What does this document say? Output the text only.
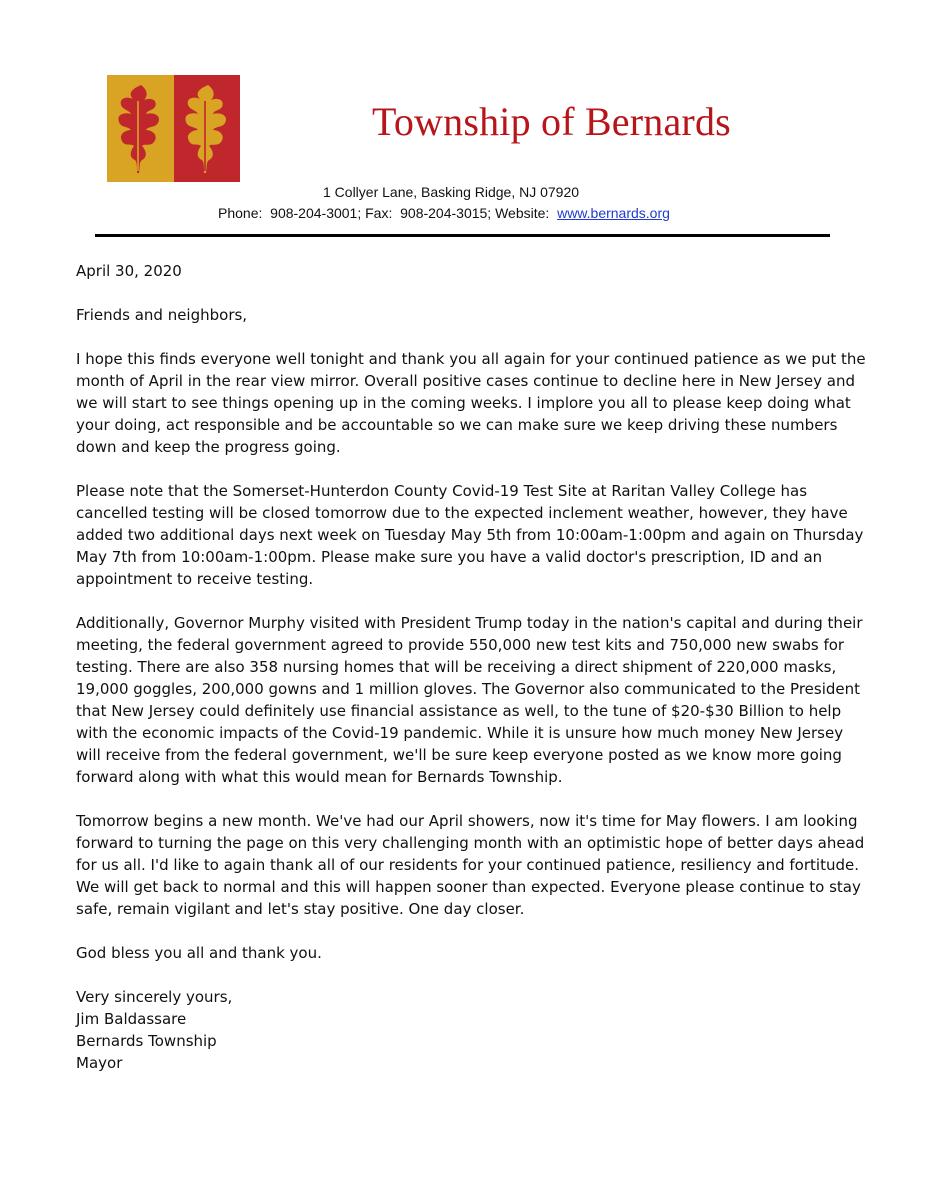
Township of Bernards
1 Collyer Lane, Basking Ridge, NJ 07920
Phone:  908-204-3001; Fax:  908-204-3015; Website:  www.bernards.org

April 30, 2020

Friends and neighbors,

I hope this finds everyone well tonight and thank you all again for your continued patience as we put the month of April in the rear view mirror. Overall positive cases continue to decline here in New Jersey and we will start to see things opening up in the coming weeks. I implore you all to please keep doing what your doing, act responsible and be accountable so we can make sure we keep driving these numbers down and keep the progress going.

Please note that the Somerset-Hunterdon County Covid-19 Test Site at Raritan Valley College has cancelled testing will be closed tomorrow due to the expected inclement weather, however, they have added two additional days next week on Tuesday May 5th from 10:00am-1:00pm and again on Thursday May 7th from 10:00am-1:00pm. Please make sure you have a valid doctor's prescription, ID and an appointment to receive testing.

Additionally, Governor Murphy visited with President Trump today in the nation's capital and during their meeting, the federal government agreed to provide 550,000 new test kits and 750,000 new swabs for testing. There are also 358 nursing homes that will be receiving a direct shipment of 220,000 masks, 19,000 goggles, 200,000 gowns and 1 million gloves. The Governor also communicated to the President that New Jersey could definitely use financial assistance as well, to the tune of $20-$30 Billion to help with the economic impacts of the Covid-19 pandemic. While it is unsure how much money New Jersey will receive from the federal government, we'll be sure keep everyone posted as we know more going forward along with what this would mean for Bernards Township.

Tomorrow begins a new month. We've had our April showers, now it's time for May flowers. I am looking forward to turning the page on this very challenging month with an optimistic hope of better days ahead for us all. I'd like to again thank all of our residents for your continued patience, resiliency and fortitude. We will get back to normal and this will happen sooner than expected. Everyone please continue to stay safe, remain vigilant and let's stay positive. One day closer.

God bless you all and thank you.

Very sincerely yours,
Jim Baldassare
Bernards Township
Mayor
